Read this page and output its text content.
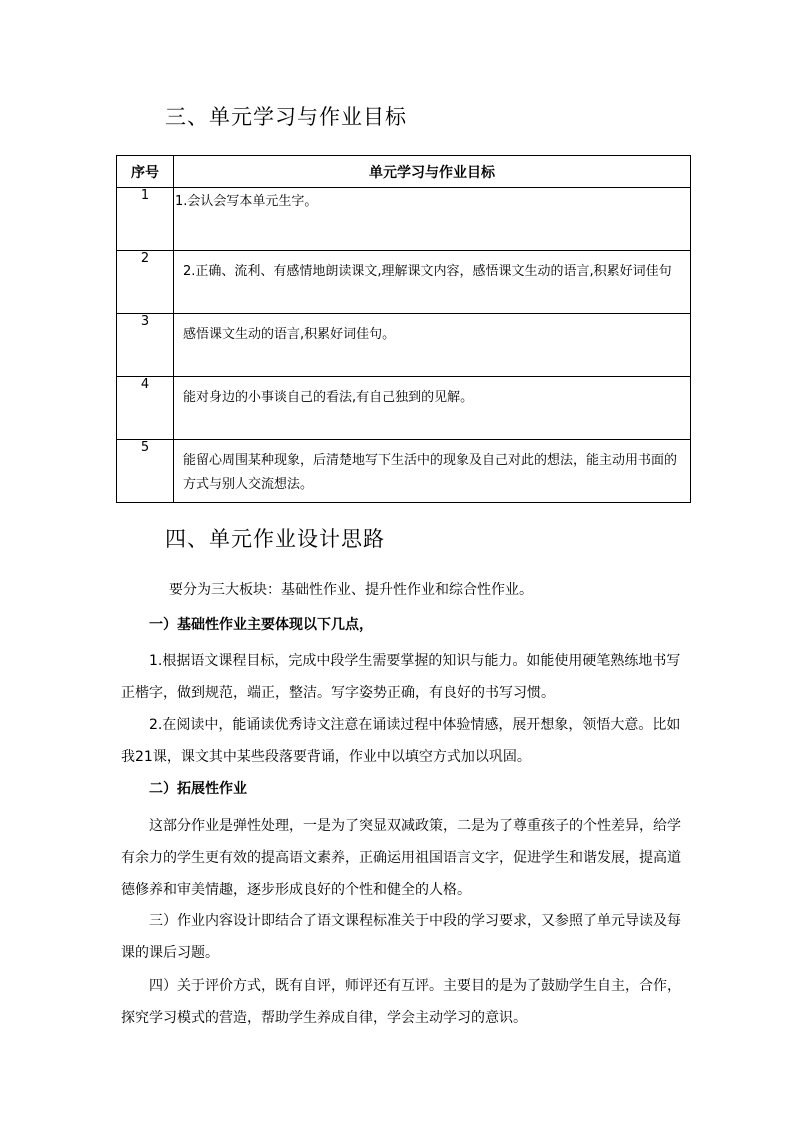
三、单元学习与作业目标
序号	单元学习与作业目标

1	1.会认会写本单元生字。

2	2.正确、流利、有感情地朗读课文,理解课文内容，感悟课文生动的语言,积累好词佳句

3	感悟课文生动的语言,积累好词佳句。

4	能对身边的小事谈自己的看法,有自己独到的见解。

5	能留心周围某种现象，后清楚地写下生活中的现象及自己对此的想法，能主动用书面的方式与别人交流想法。
四、单元作业设计思路
要分为三大板块：基础性作业、提升性作业和综合性作业。
一）基础性作业主要体现以下几点，
1.根据语文课程目标，完成中段学生需要掌握的知识与能力。如能使用硬笔熟练地书写正楷字，做到规范，端正，整洁。写字姿势正确，有良好的书写习惯。
2.在阅读中，能诵读优秀诗文注意在诵读过程中体验情感，展开想象，领悟大意。比如我21课，课文其中某些段落要背诵，作业中以填空方式加以巩固。
二）拓展性作业
这部分作业是弹性处理，一是为了突显双减政策，二是为了尊重孩子的个性差异，给学有余力的学生更有效的提高语文素养，正确运用祖国语言文字，促进学生和谐发展，提高道德修养和审美情趣，逐步形成良好的个性和健全的人格。
三）作业内容设计即结合了语文课程标准关于中段的学习要求，又参照了单元导读及每课的课后习题。
四）关于评价方式，既有自评，师评还有互评。主要目的是为了鼓励学生自主，合作，探究学习模式的营造，帮助学生养成自律，学会主动学习的意识。
